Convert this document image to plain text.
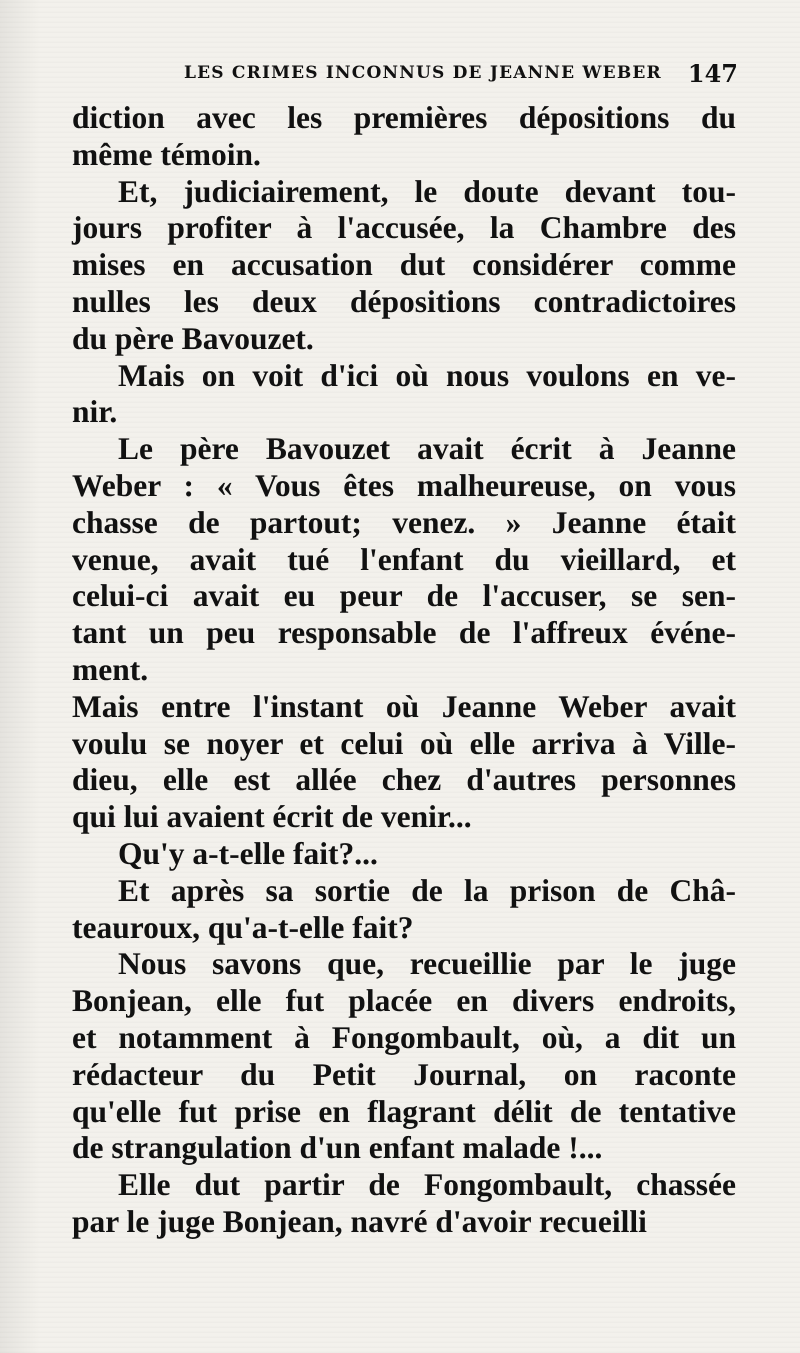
LES CRIMES INCONNUS DE JEANNE WEBER 147

diction avec les premières dépositions du
même témoin.

Et, judiciairement, le doute devant tou-
jours profiter à l'accusée, la Chambre des
mises en accusation dut considérer comme
nulles les deux dépositions contradictoires
du père Bavouzet.

Mais on voit d'ici où nous voulons en ve-
nir.

Le père Bavouzet avait écrit à Jeanne
Weber : « Vous êtes malheureuse, on vous
chasse de partout; venez. » Jeanne était
venue, avait tué l'enfant du vieillard, et
celui-ci avait eu peur de l'accuser, se sen-
tant un peu responsable de l'affreux événe-
ment.

Mais entre l'instant où Jeanne Weber avait
voulu se noyer et celui où elle arriva à Ville-
dieu, elle est allée chez d'autres personnes
qui lui avaient écrit de venir...

Qu'y a-t-elle fait?...

Et après sa sortie de la prison de Châ-
teauroux, qu'a-t-elle fait?

Nous savons que, recueillie par le juge
Bonjean, elle fut placée en divers endroits,
et notamment à Fongombault, où, a dit un
rédacteur du Petit Journal, on raconte
qu'elle fut prise en flagrant délit de tentative
de strangulation d'un enfant malade !...

Elle dut partir de Fongombault, chassée
par le juge Bonjean, navré d'avoir recueilli
